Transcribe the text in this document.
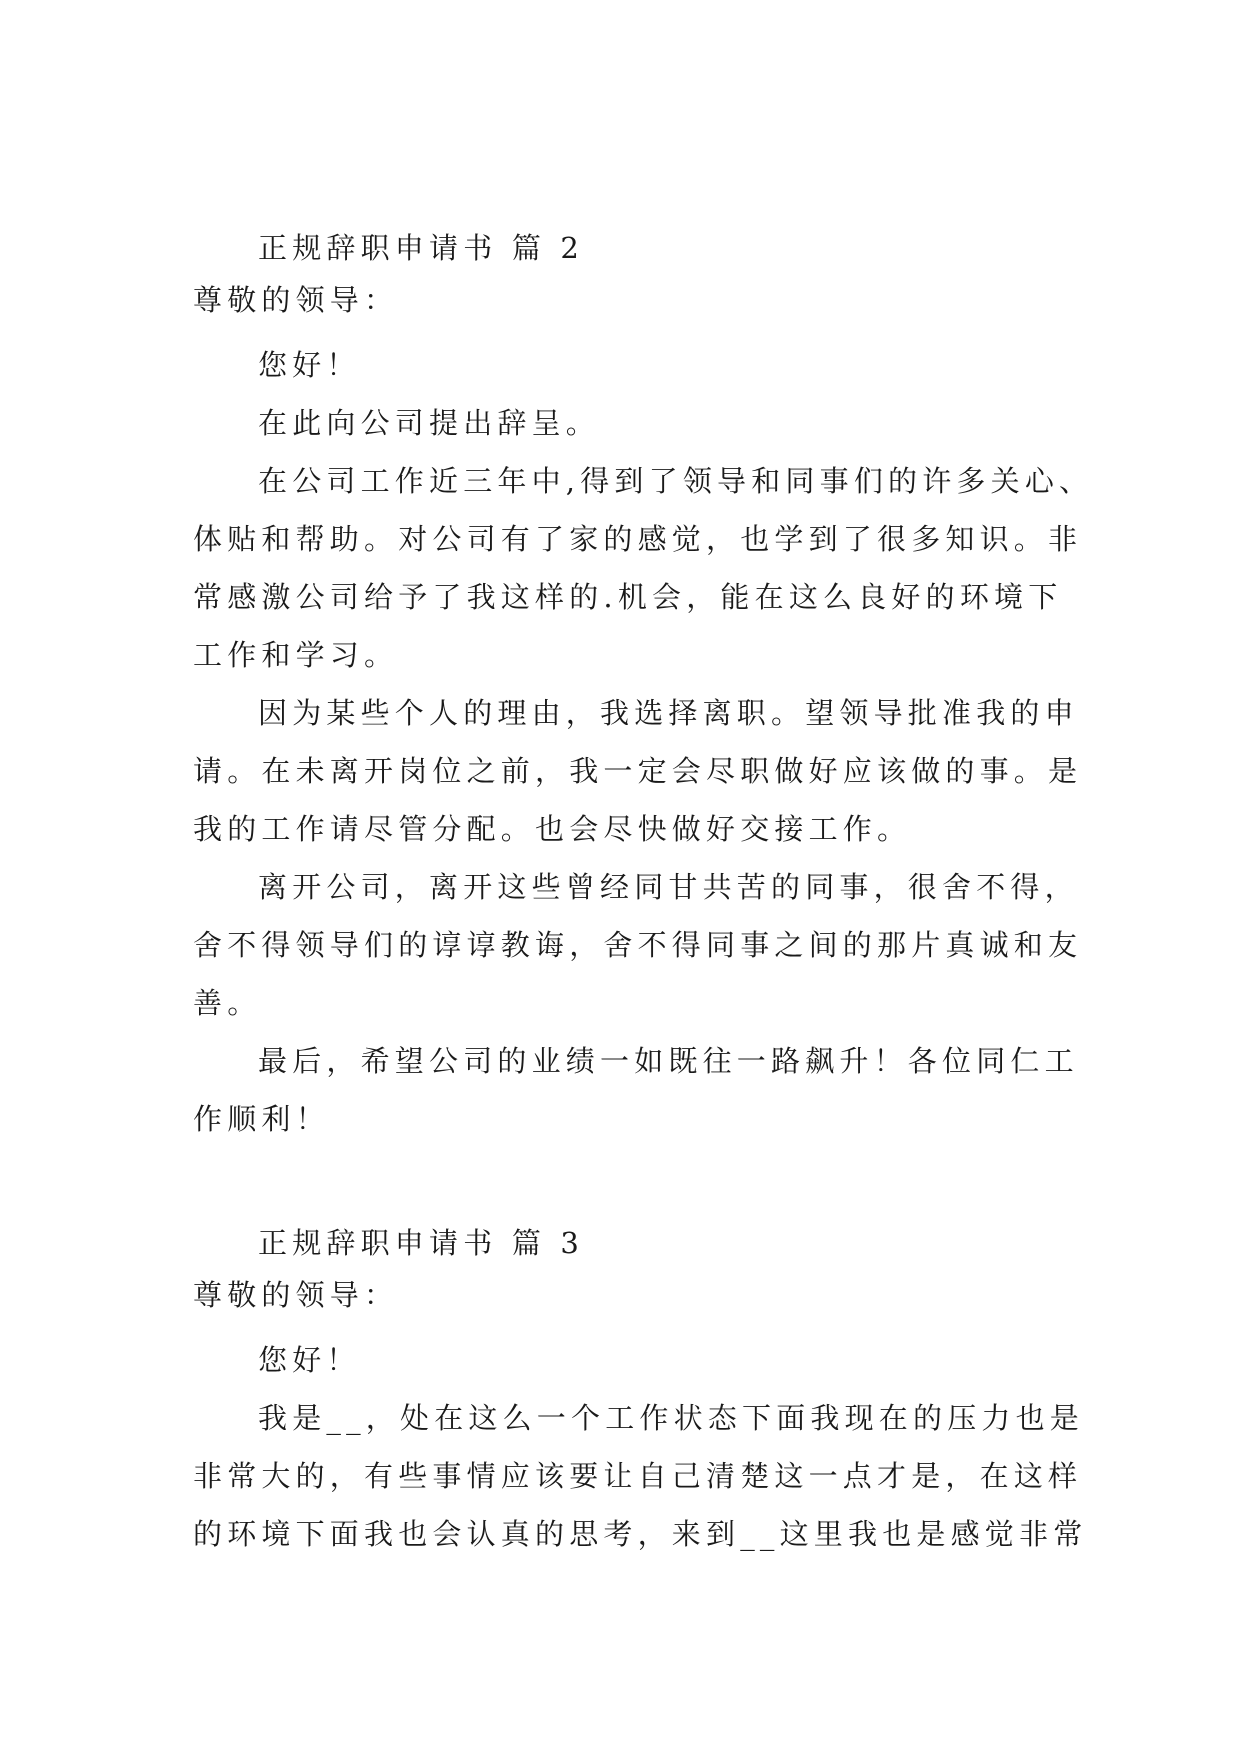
正规辞职申请书 篇 2

尊敬的领导：

您好！

在此向公司提出辞呈。

在公司工作近三年中,得到了领导和同事们的许多关心、

体贴和帮助。对公司有了家的感觉，也学到了很多知识。非

常感激公司给予了我这样的.机会，能在这么良好的环境下

工作和学习。

因为某些个人的理由，我选择离职。望领导批准我的申

请。在未离开岗位之前，我一定会尽职做好应该做的事。是

我的工作请尽管分配。也会尽快做好交接工作。

离开公司，离开这些曾经同甘共苦的同事，很舍不得，

舍不得领导们的谆谆教诲，舍不得同事之间的那片真诚和友

善。

最后，希望公司的业绩一如既往一路飙升！各位同仁工

作顺利！

正规辞职申请书 篇 3

尊敬的领导：

您好！

我是__，处在这么一个工作状态下面我现在的压力也是

非常大的，有些事情应该要让自己清楚这一点才是，在这样

的环境下面我也会认真的思考，来到__这里我也是感觉非常
